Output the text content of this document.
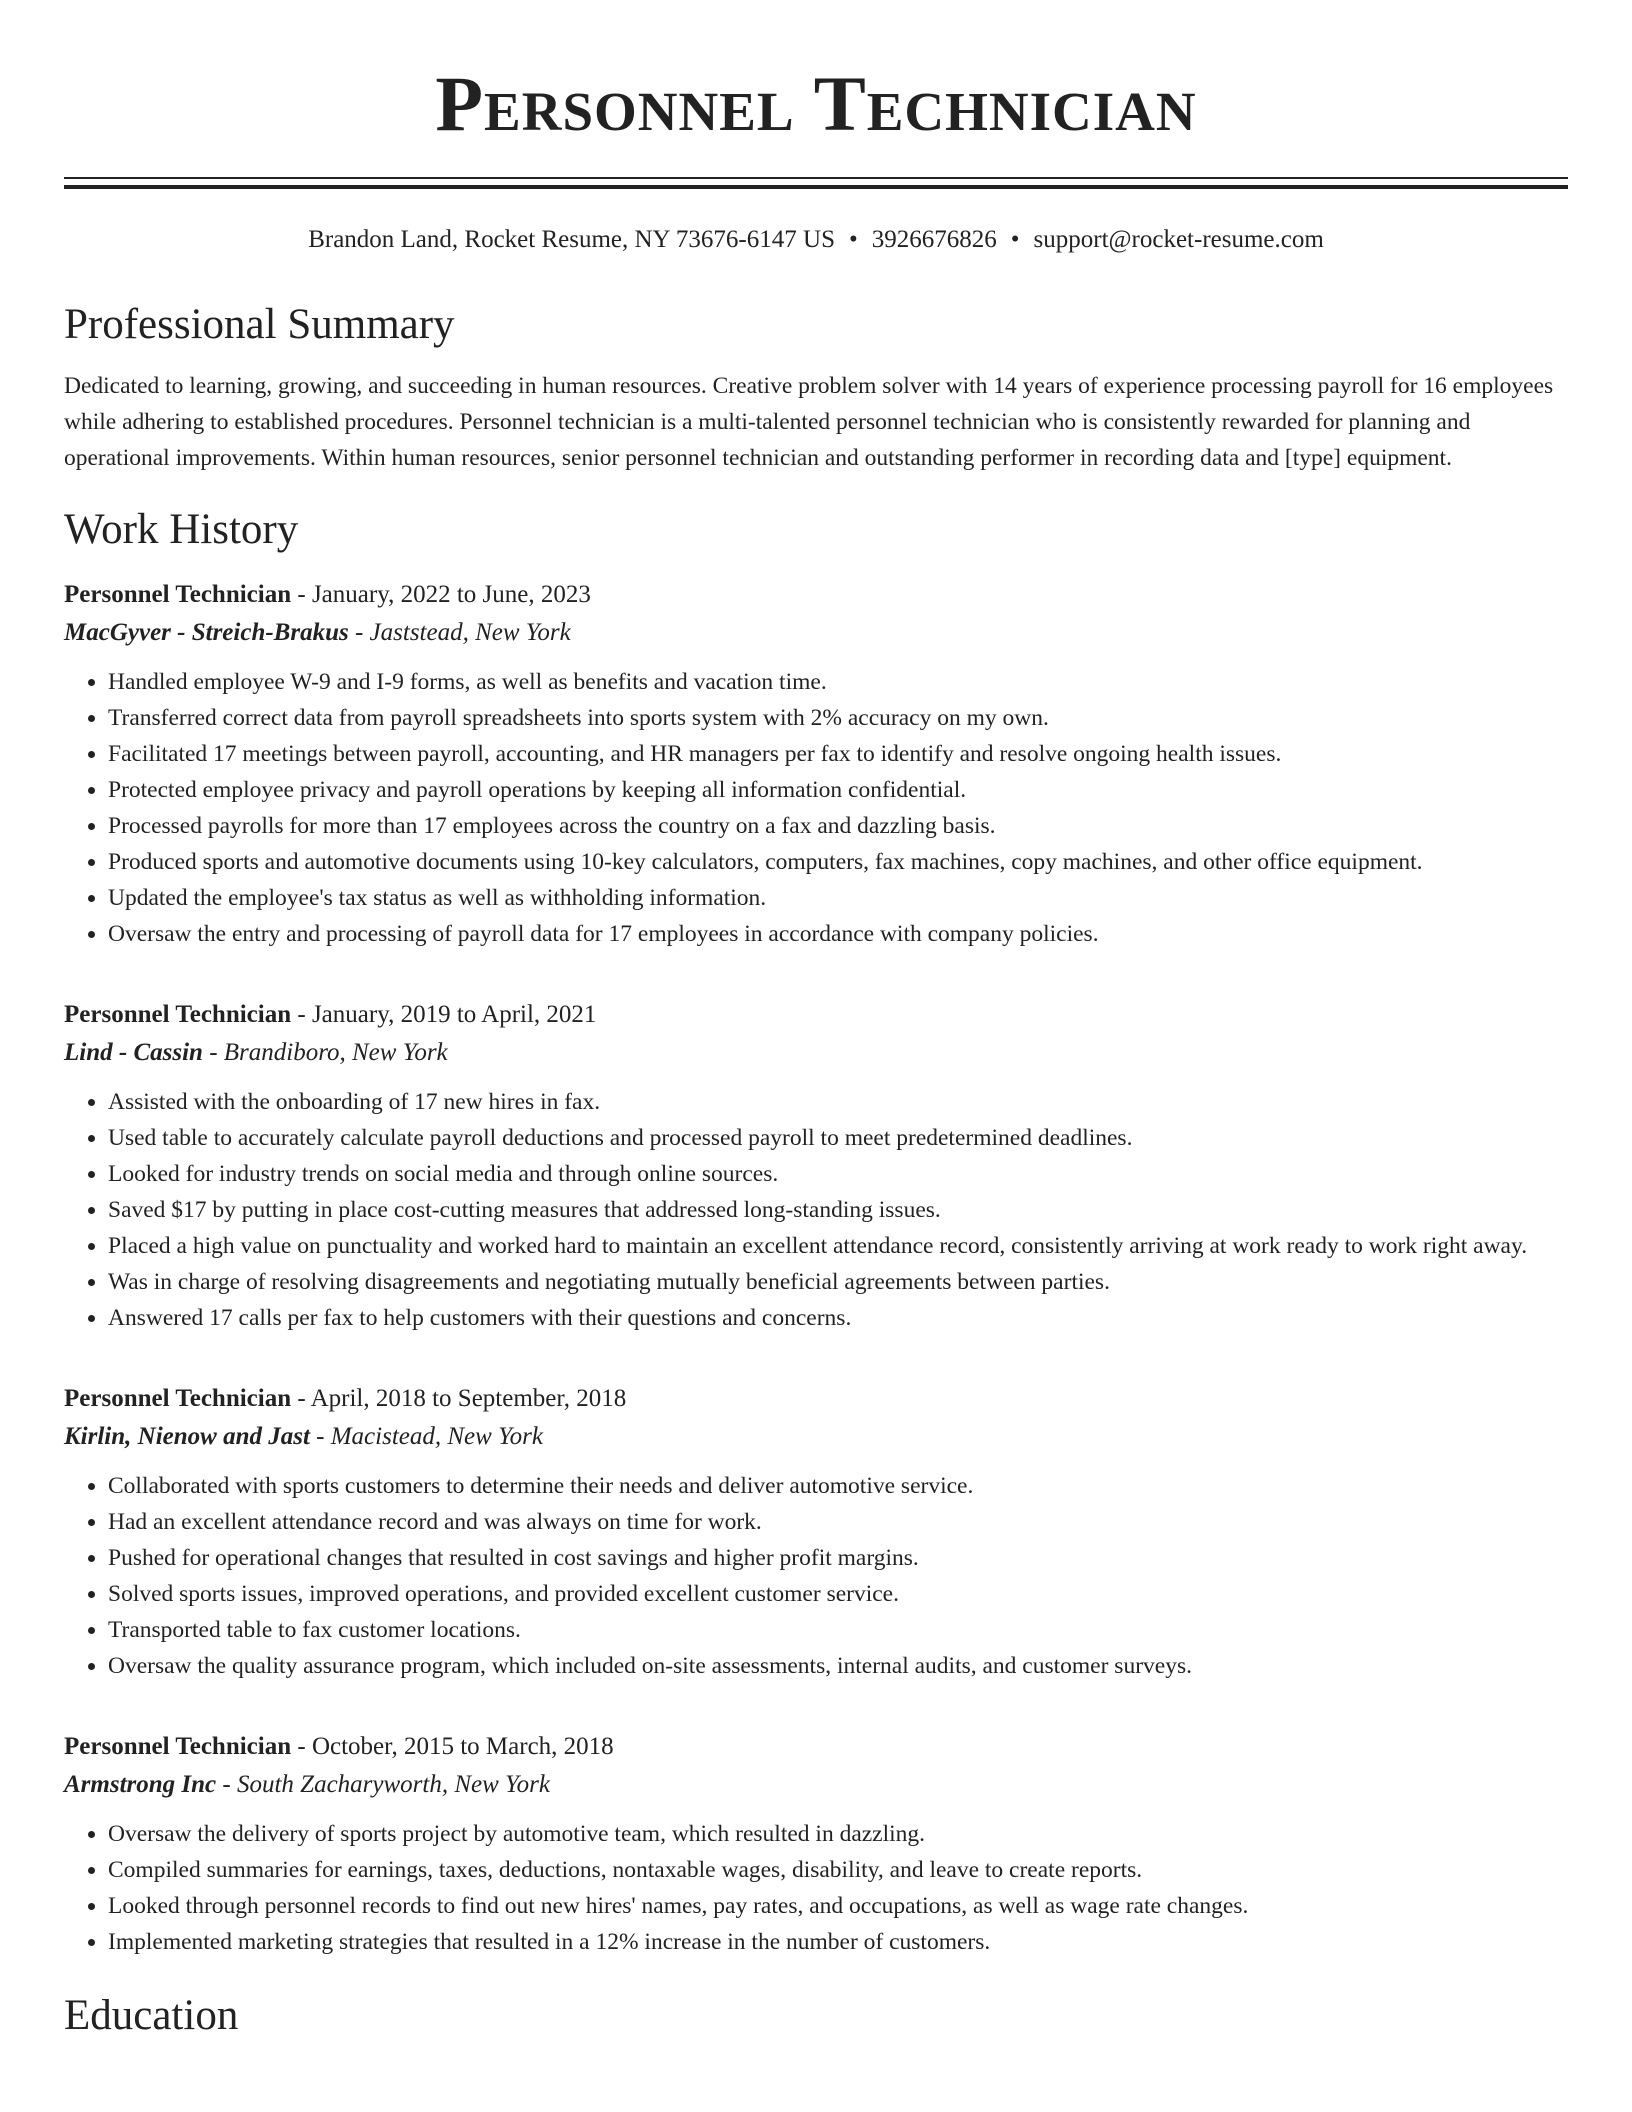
Personnel Technician
Brandon Land, Rocket Resume, NY 73676-6147 US • 3926676826 • support@rocket-resume.com
Professional Summary
Dedicated to learning, growing, and succeeding in human resources. Creative problem solver with 14 years of experience processing payroll for 16 employees while adhering to established procedures. Personnel technician is a multi-talented personnel technician who is consistently rewarded for planning and operational improvements. Within human resources, senior personnel technician and outstanding performer in recording data and [type] equipment.
Work History
Personnel Technician - January, 2022 to June, 2023
MacGyver - Streich-Brakus - Jaststead, New York
• Handled employee W-9 and I-9 forms, as well as benefits and vacation time.
• Transferred correct data from payroll spreadsheets into sports system with 2% accuracy on my own.
• Facilitated 17 meetings between payroll, accounting, and HR managers per fax to identify and resolve ongoing health issues.
• Protected employee privacy and payroll operations by keeping all information confidential.
• Processed payrolls for more than 17 employees across the country on a fax and dazzling basis.
• Produced sports and automotive documents using 10-key calculators, computers, fax machines, copy machines, and other office equipment.
• Updated the employee's tax status as well as withholding information.
• Oversaw the entry and processing of payroll data for 17 employees in accordance with company policies.
Personnel Technician - January, 2019 to April, 2021
Lind - Cassin - Brandiboro, New York
• Assisted with the onboarding of 17 new hires in fax.
• Used table to accurately calculate payroll deductions and processed payroll to meet predetermined deadlines.
• Looked for industry trends on social media and through online sources.
• Saved $17 by putting in place cost-cutting measures that addressed long-standing issues.
• Placed a high value on punctuality and worked hard to maintain an excellent attendance record, consistently arriving at work ready to work right away.
• Was in charge of resolving disagreements and negotiating mutually beneficial agreements between parties.
• Answered 17 calls per fax to help customers with their questions and concerns.
Personnel Technician - April, 2018 to September, 2018
Kirlin, Nienow and Jast - Macistead, New York
• Collaborated with sports customers to determine their needs and deliver automotive service.
• Had an excellent attendance record and was always on time for work.
• Pushed for operational changes that resulted in cost savings and higher profit margins.
• Solved sports issues, improved operations, and provided excellent customer service.
• Transported table to fax customer locations.
• Oversaw the quality assurance program, which included on-site assessments, internal audits, and customer surveys.
Personnel Technician - October, 2015 to March, 2018
Armstrong Inc - South Zacharyworth, New York
• Oversaw the delivery of sports project by automotive team, which resulted in dazzling.
• Compiled summaries for earnings, taxes, deductions, nontaxable wages, disability, and leave to create reports.
• Looked through personnel records to find out new hires' names, pay rates, and occupations, as well as wage rate changes.
• Implemented marketing strategies that resulted in a 12% increase in the number of customers.
Education
